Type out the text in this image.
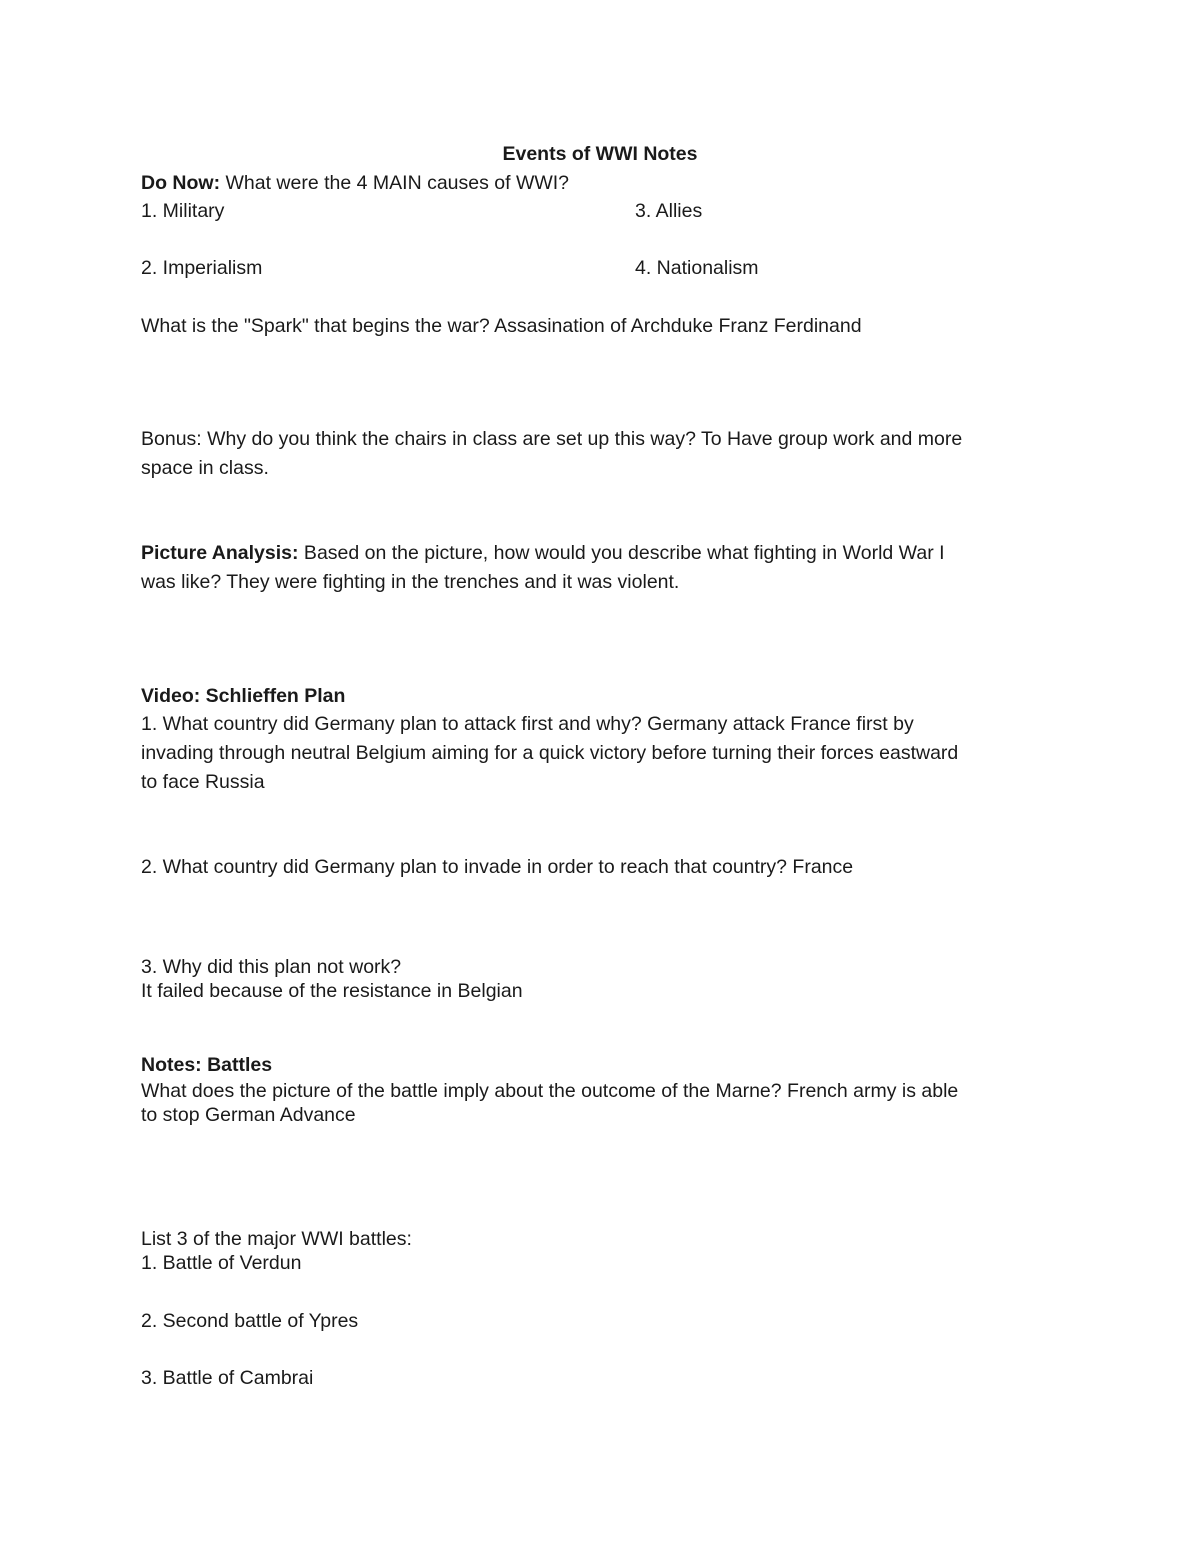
Events of WWI Notes
Do Now: What were the 4 MAIN causes of WWI?
1. Military	3. Allies
2. Imperialism	4. Nationalism
What is the "Spark" that begins the war? Assasination of Archduke Franz Ferdinand
Bonus: Why do you think the chairs in class are set up this way? To Have group work and more
space in class.
Picture Analysis: Based on the picture, how would you describe what fighting in World War I
was like? They were fighting in the trenches and it was violent.
Video: Schlieffen Plan
1. What country did Germany plan to attack first and why? Germany attack France first by
invading through neutral Belgium aiming for a quick victory before turning their forces eastward
to face Russia
2. What country did Germany plan to invade in order to reach that country? France
3. Why did this plan not work?
It failed because of the resistance in Belgian
Notes: Battles
What does the picture of the battle imply about the outcome of the Marne? French army is able
to stop German Advance
List 3 of the major WWI battles:
1. Battle of Verdun
2. Second battle of Ypres
3. Battle of Cambrai
